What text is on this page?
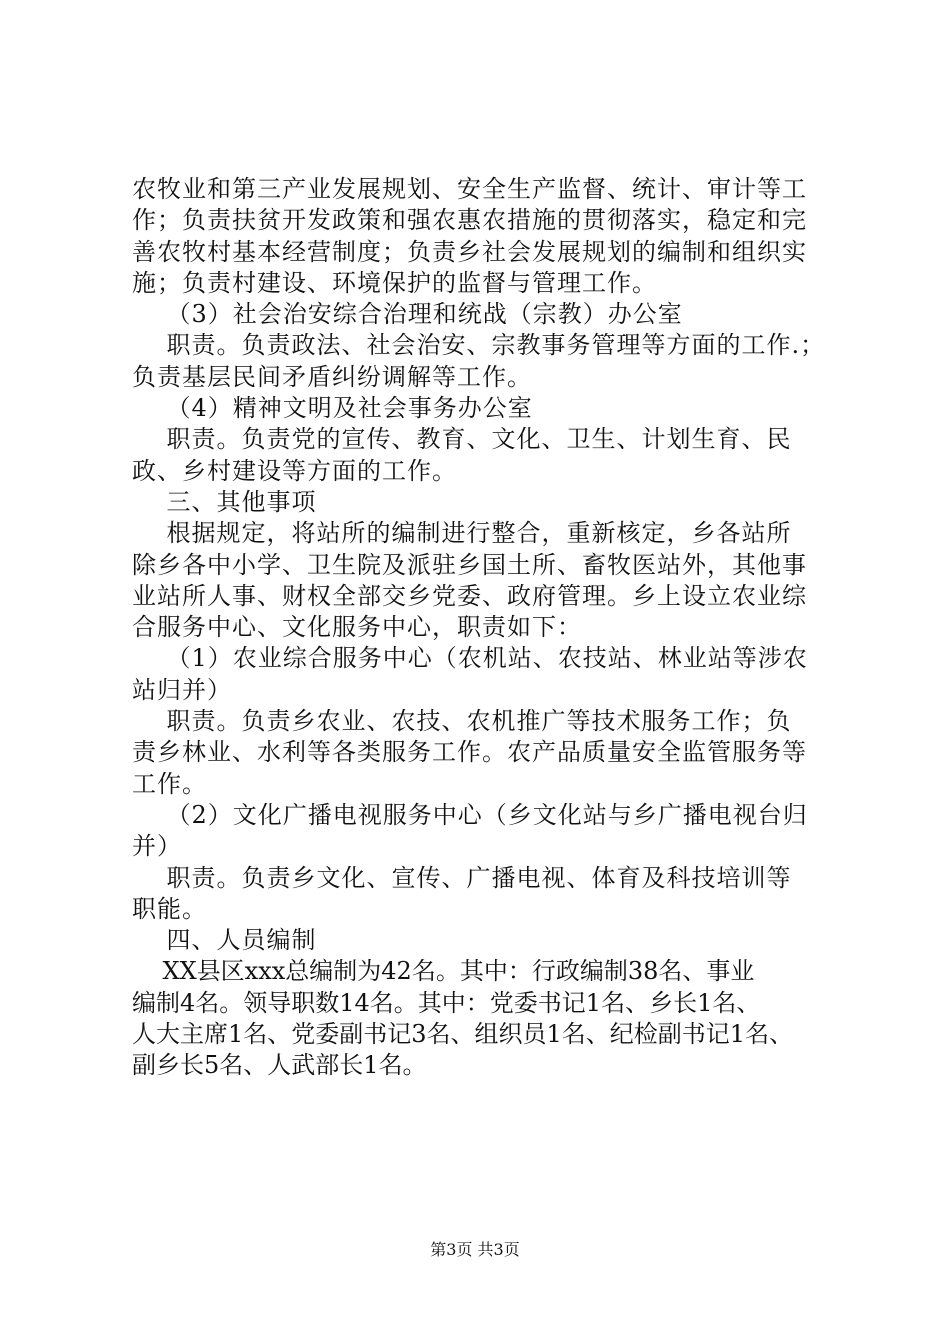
农牧业和第三产业发展规划、安全生产监督、统计、审计等工
作；负责扶贫开发政策和强农惠农措施的贯彻落实，稳定和完
善农牧村基本经营制度；负责乡社会发展规划的编制和组织实
施；负责村建设、环境保护的监督与管理工作。
（3）社会治安综合治理和统战（宗教）办公室
职责。负责政法、社会治安、宗教事务管理等方面的工作.；
负责基层民间矛盾纠纷调解等工作。
（4）精神文明及社会事务办公室
职责。负责党的宣传、教育、文化、卫生、计划生育、民
政、乡村建设等方面的工作。
三、其他事项
根据规定，将站所的编制进行整合，重新核定，乡各站所
除乡各中小学、卫生院及派驻乡国土所、畜牧医站外，其他事
业站所人事、财权全部交乡党委、政府管理。乡上设立农业综
合服务中心、文化服务中心，职责如下：
（1）农业综合服务中心（农机站、农技站、林业站等涉农
站归并）
职责。负责乡农业、农技、农机推广等技术服务工作；负
责乡林业、水利等各类服务工作。农产品质量安全监管服务等
工作。
（2）文化广播电视服务中心（乡文化站与乡广播电视台归
并）
职责。负责乡文化、宣传、广播电视、体育及科技培训等
职能。
四、人员编制
XX县区xxx总编制为42名。其中：行政编制38名、事业
编制4名。领导职数14名。其中：党委书记1名、乡长1名、
人大主席1名、党委副书记3名、组织员1名、纪检副书记1名、
副乡长5名、人武部长1名。
第3页 共3页
